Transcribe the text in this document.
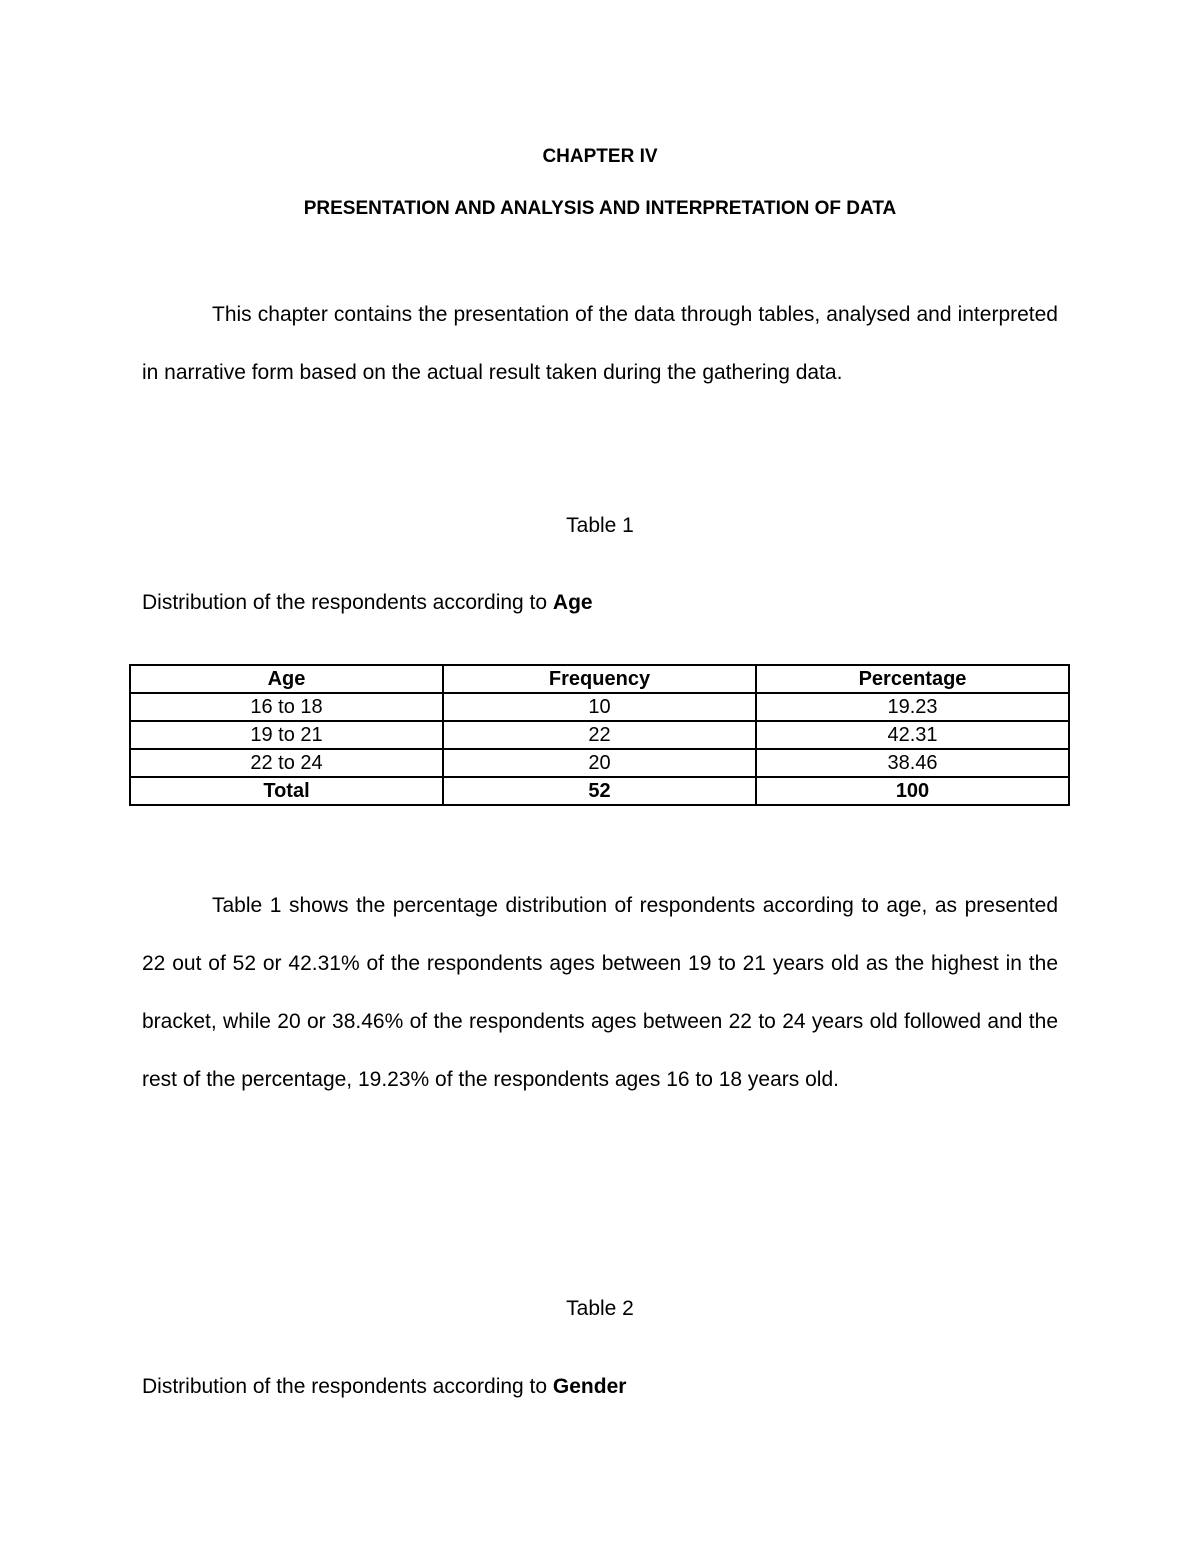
CHAPTER IV
PRESENTATION AND ANALYSIS AND INTERPRETATION OF DATA
This chapter contains the presentation of the data through tables, analysed and interpreted in narrative form based on the actual result taken during the gathering data.
Table 1
Distribution of the respondents according to Age
Age	Frequency	Percentage
16 to 18	10	19.23
19 to 21	22	42.31
22 to 24	20	38.46
Total	52	100
Table 1 shows the percentage distribution of respondents according to age, as presented 22 out of 52 or 42.31% of the respondents ages between 19 to 21 years old as the highest in the bracket, while 20 or 38.46% of the respondents ages between 22 to 24 years old followed and the rest of the percentage, 19.23% of the respondents ages 16 to 18 years old.
Table 2
Distribution of the respondents according to Gender
